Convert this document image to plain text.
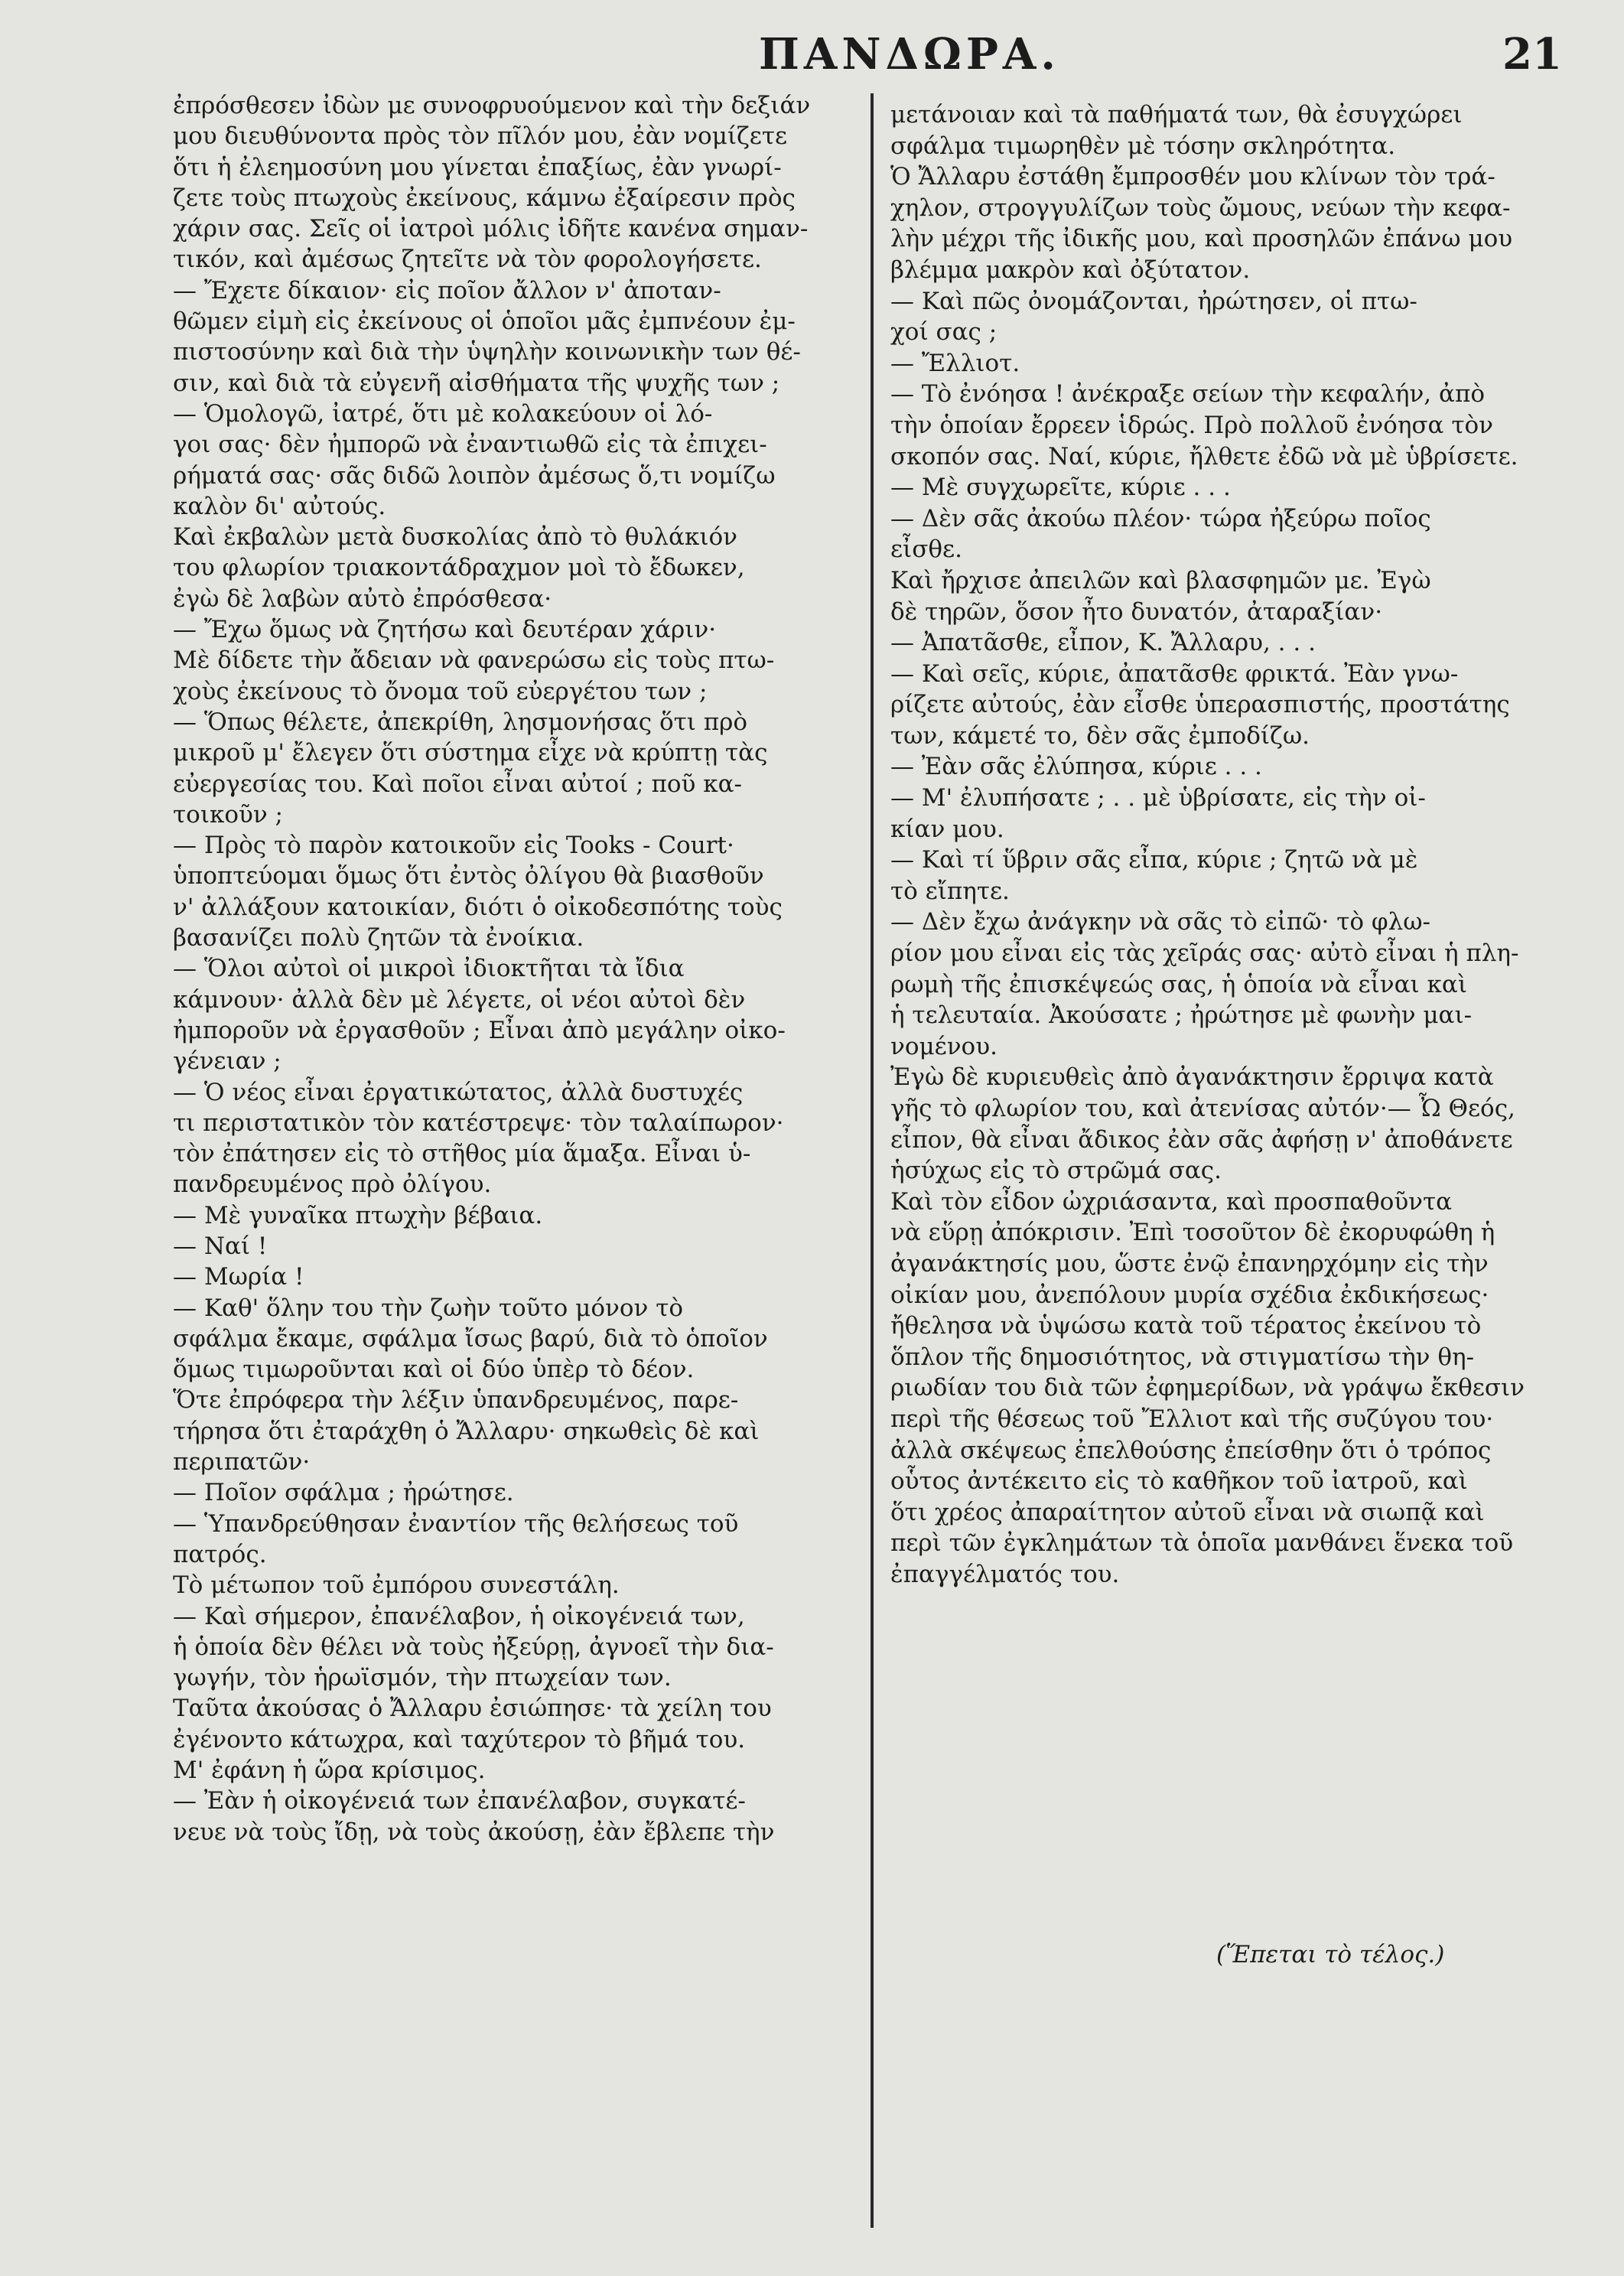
ΠΑΝΔΩΡΑ.	21
ἐπρόσθεσεν ἰδὼν με συνοφρυούμενον καὶ τὴν δεξιάν
μου διευθύνοντα πρὸς τὸν πῖλόν μου, ἐὰν νομίζετε
ὅτι ἡ ἐλεημοσύνη μου γίνεται ἐπαξίως, ἐὰν γνωρί-
ζετε τοὺς πτωχοὺς ἐκείνους, κάμνω ἐξαίρεσιν πρὸς
χάριν σας. Σεῖς οἱ ἰατροὶ μόλις ἰδῆτε κανένα σημαν-
τικόν, καὶ ἀμέσως ζητεῖτε νὰ τὸν φορολογήσετε.
— Ἔχετε δίκαιον· εἰς ποῖον ἄλλον ν' ἀποταν-
θῶμεν εἰμὴ εἰς ἐκείνους οἱ ὁποῖοι μᾶς ἐμπνέουν ἐμ-
πιστοσύνην καὶ διὰ τὴν ὑψηλὴν κοινωνικὴν των θέ-
σιν, καὶ διὰ τὰ εὐγενῆ αἰσθήματα τῆς ψυχῆς των ;
— Ὁμολογῶ, ἰατρέ, ὅτι μὲ κολακεύουν οἱ λό-
γοι σας· δὲν ἠμπορῶ νὰ ἐναντιωθῶ εἰς τὰ ἐπιχει-
ρήματά σας· σᾶς διδῶ λοιπὸν ἀμέσως ὅ,τι νομίζω
καλὸν δι' αὐτούς.
Καὶ ἐκβαλὼν μετὰ δυσκολίας ἀπὸ τὸ θυλάκιόν
του φλωρίον τριακοντάδραχμον μοὶ τὸ ἔδωκεν,
ἐγὼ δὲ λαβὼν αὐτὸ ἐπρόσθεσα·
— Ἔχω ὅμως νὰ ζητήσω καὶ δευτέραν χάριν·
Μὲ δίδετε τὴν ἄδειαν νὰ φανερώσω εἰς τοὺς πτω-
χοὺς ἐκείνους τὸ ὄνομα τοῦ εὐεργέτου των ;
— Ὅπως θέλετε, ἀπεκρίθη, λησμονήσας ὅτι πρὸ
μικροῦ μ' ἔλεγεν ὅτι σύστημα εἶχε νὰ κρύπτῃ τὰς
εὐεργεσίας του. Καὶ ποῖοι εἶναι αὐτοί ; ποῦ κα-
τοικοῦν ;
— Πρὸς τὸ παρὸν κατοικοῦν εἰς Tooks - Court·
ὑποπτεύομαι ὅμως ὅτι ἐντὸς ὀλίγου θὰ βιασθοῦν
ν' ἀλλάξουν κατοικίαν, διότι ὁ οἰκοδεσπότης τοὺς
βασανίζει πολὺ ζητῶν τὰ ἐνοίκια.
— Ὅλοι αὐτοὶ οἱ μικροὶ ἰδιοκτῆται τὰ ἴδια
κάμνουν· ἀλλὰ δὲν μὲ λέγετε, οἱ νέοι αὐτοὶ δὲν
ἠμποροῦν νὰ ἐργασθοῦν ; Εἶναι ἀπὸ μεγάλην οἰκο-
γένειαν ;
— Ὁ νέος εἶναι ἐργατικώτατος, ἀλλὰ δυστυχές
τι περιστατικὸν τὸν κατέστρεψε· τὸν ταλαίπωρον·
τὸν ἐπάτησεν εἰς τὸ στῆθος μία ἅμαξα. Εἶναι ὑ-
πανδρευμένος πρὸ ὀλίγου.
— Μὲ γυναῖκα πτωχὴν βέβαια.
— Ναί !
— Μωρία !
— Καθ' ὅλην του τὴν ζωὴν τοῦτο μόνον τὸ
σφάλμα ἔκαμε, σφάλμα ἴσως βαρύ, διὰ τὸ ὁποῖον
ὅμως τιμωροῦνται καὶ οἱ δύο ὑπὲρ τὸ δέον.
Ὅτε ἐπρόφερα τὴν λέξιν ὑπανδρευμένος, παρε-
τήρησα ὅτι ἐταράχθη ὁ Ἄλλαρυ· σηκωθεὶς δὲ καὶ
περιπατῶν·
— Ποῖον σφάλμα ; ἠρώτησε.
— Ὑπανδρεύθησαν ἐναντίον τῆς θελήσεως τοῦ
πατρός.
Τὸ μέτωπον τοῦ ἐμπόρου συνεστάλη.
— Καὶ σήμερον, ἐπανέλαβον, ἡ οἰκογένειά των,
ἡ ὁποία δὲν θέλει νὰ τοὺς ἠξεύρῃ, ἀγνοεῖ τὴν δια-
γωγήν, τὸν ἡρωϊσμόν, τὴν πτωχείαν των.
Ταῦτα ἀκούσας ὁ Ἄλλαρυ ἐσιώπησε· τὰ χείλη του
ἐγένοντο κάτωχρα, καὶ ταχύτερον τὸ βῆμά του.
Μ' ἐφάνη ἡ ὥρα κρίσιμος.
— Ἐὰν ἡ οἰκογένειά των ἐπανέλαβον, συγκατέ-
νευε νὰ τοὺς ἴδῃ, νὰ τοὺς ἀκούσῃ, ἐὰν ἔβλεπε τὴν
μετάνοιαν καὶ τὰ παθήματά των, θὰ ἐσυγχώρει
σφάλμα τιμωρηθὲν μὲ τόσην σκληρότητα.
Ὁ Ἄλλαρυ ἐστάθη ἔμπροσθέν μου κλίνων τὸν τρά-
χηλον, στρογγυλίζων τοὺς ὤμους, νεύων τὴν κεφα-
λὴν μέχρι τῆς ἰδικῆς μου, καὶ προσηλῶν ἐπάνω μου
βλέμμα μακρὸν καὶ ὀξύτατον.
— Καὶ πῶς ὀνομάζονται, ἠρώτησεν, οἱ πτω-
χοί σας ;
— Ἔλλιοτ.
— Τὸ ἐνόησα ! ἀνέκραξε σείων τὴν κεφαλήν, ἀπὸ
τὴν ὁποίαν ἔρρεεν ἱδρώς. Πρὸ πολλοῦ ἐνόησα τὸν
σκοπόν σας. Ναί, κύριε, ἤλθετε ἐδῶ νὰ μὲ ὑβρίσετε.
— Μὲ συγχωρεῖτε, κύριε . . .
— Δὲν σᾶς ἀκούω πλέον· τώρα ἠξεύρω ποῖος
εἶσθε.
Καὶ ἤρχισε ἀπειλῶν καὶ βλασφημῶν με. Ἐγὼ
δὲ τηρῶν, ὅσον ἦτο δυνατόν, ἀταραξίαν·
— Ἀπατᾶσθε, εἶπον, Κ. Ἄλλαρυ, . . .
— Καὶ σεῖς, κύριε, ἀπατᾶσθε φρικτά. Ἐὰν γνω-
ρίζετε αὐτούς, ἐὰν εἶσθε ὑπερασπιστής, προστάτης
των, κάμετέ το, δὲν σᾶς ἐμποδίζω.
— Ἐὰν σᾶς ἐλύπησα, κύριε . . .
— Μ' ἐλυπήσατε ; . . μὲ ὑβρίσατε, εἰς τὴν οἰ-
κίαν μου.
— Καὶ τί ὕβριν σᾶς εἶπα, κύριε ; ζητῶ νὰ μὲ
τὸ εἴπητε.
— Δὲν ἔχω ἀνάγκην νὰ σᾶς τὸ εἰπῶ· τὸ φλω-
ρίον μου εἶναι εἰς τὰς χεῖράς σας· αὐτὸ εἶναι ἡ πλη-
ρωμὴ τῆς ἐπισκέψεώς σας, ἡ ὁποία νὰ εἶναι καὶ
ἡ τελευταία. Ἀκούσατε ; ἠρώτησε μὲ φωνὴν μαι-
νομένου.
Ἐγὼ δὲ κυριευθεὶς ἀπὸ ἀγανάκτησιν ἔρριψα κατὰ
γῆς τὸ φλωρίον του, καὶ ἀτενίσας αὐτόν·— Ὦ Θεός,
εἶπον, θὰ εἶναι ἄδικος ἐὰν σᾶς ἀφήσῃ ν' ἀποθάνετε
ἡσύχως εἰς τὸ στρῶμά σας.
Καὶ τὸν εἶδον ὠχριάσαντα, καὶ προσπαθοῦντα
νὰ εὕρῃ ἀπόκρισιν. Ἐπὶ τοσοῦτον δὲ ἐκορυφώθη ἡ
ἀγανάκτησίς μου, ὥστε ἐνῷ ἐπανηρχόμην εἰς τὴν
οἰκίαν μου, ἀνεπόλουν μυρία σχέδια ἐκδικήσεως·
ἤθελησα νὰ ὑψώσω κατὰ τοῦ τέρατος ἐκείνου τὸ
ὅπλον τῆς δημοσιότητος, νὰ στιγματίσω τὴν θη-
ριωδίαν του διὰ τῶν ἐφημερίδων, νὰ γράψω ἔκθεσιν
περὶ τῆς θέσεως τοῦ Ἔλλιοτ καὶ τῆς συζύγου του·
ἀλλὰ σκέψεως ἐπελθούσης ἐπείσθην ὅτι ὁ τρόπος
οὗτος ἀντέκειτο εἰς τὸ καθῆκον τοῦ ἰατροῦ, καὶ
ὅτι χρέος ἀπαραίτητον αὐτοῦ εἶναι νὰ σιωπᾷ καὶ
περὶ τῶν ἐγκλημάτων τὰ ὁποῖα μανθάνει ἕνεκα τοῦ
ἐπαγγέλματός του.
(Ἕπεται τὸ τέλος.)
